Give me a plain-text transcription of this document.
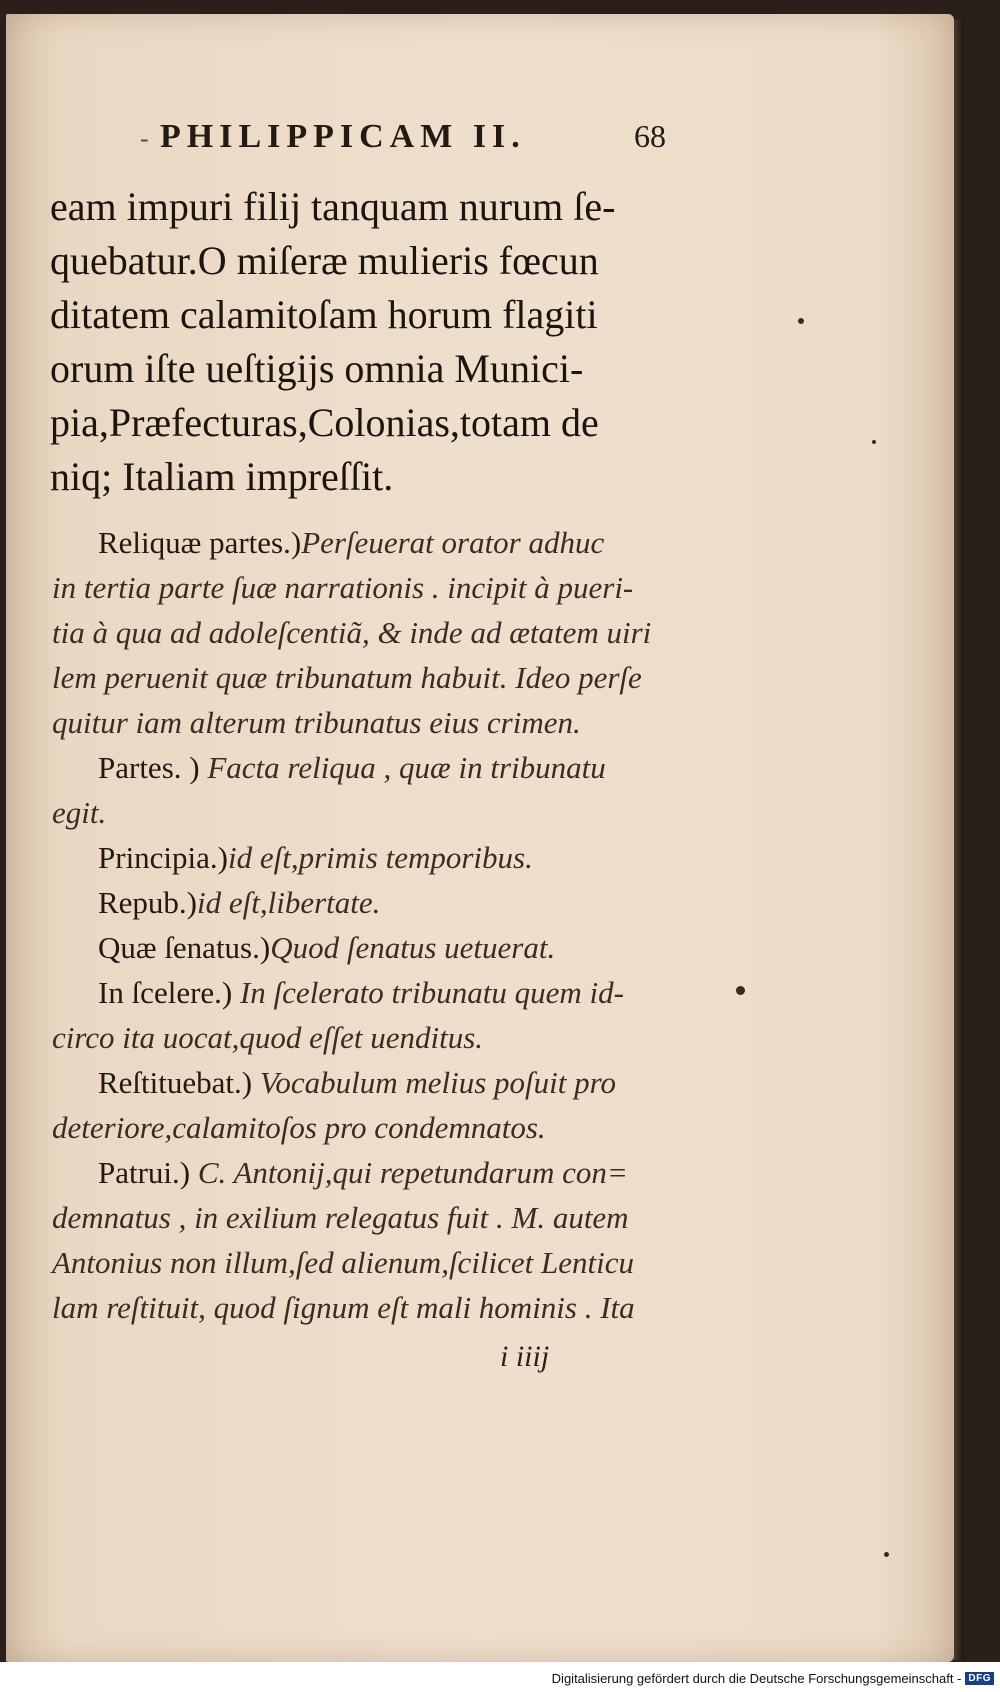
- PHILIPPICAM II.	68
eam impuri filij tanquam nurum ſe-
quebatur.O miſeræ mulieris fœcun
ditatem calamitoſam horum flagiti
orum iſte ueſtigijs omnia Munici-
pia,Præfecturas,Colonias,totam de
niq; Italiam impreſſit.
Reliquæ partes.)Perſeuerat orator adhuc
in tertia parte ſuæ narrationis . incipit à pueri-
tia à qua ad adoleſcentiã, & inde ad ætatem uiri
lem peruenit quæ tribunatum habuit. Ideo perſe
quitur iam alterum tribunatus eius crimen.
Partes. ) Facta reliqua , quæ in tribunatu
egit.
Principia.)id eſt,primis temporibus.
Repub.)id eſt,libertate.
Quæ ſenatus.)Quod ſenatus uetuerat.
In ſcelere.) In ſcelerato tribunatu quem id-
circo ita uocat,quod eſſet uenditus.
Reſtituebat.) Vocabulum melius poſuit pro
deteriore,calamitoſos pro condemnatos.
Patrui.) C. Antonij,qui repetundarum con=
demnatus , in exilium relegatus fuit . M. autem
Antonius non illum,ſed alienum,ſcilicet Lenticu
lam reſtituit, quod ſignum eſt mali hominis . Ita
i iiij
Digitalisierung gefördert durch die Deutsche Forschungsgemeinschaft - DFG
